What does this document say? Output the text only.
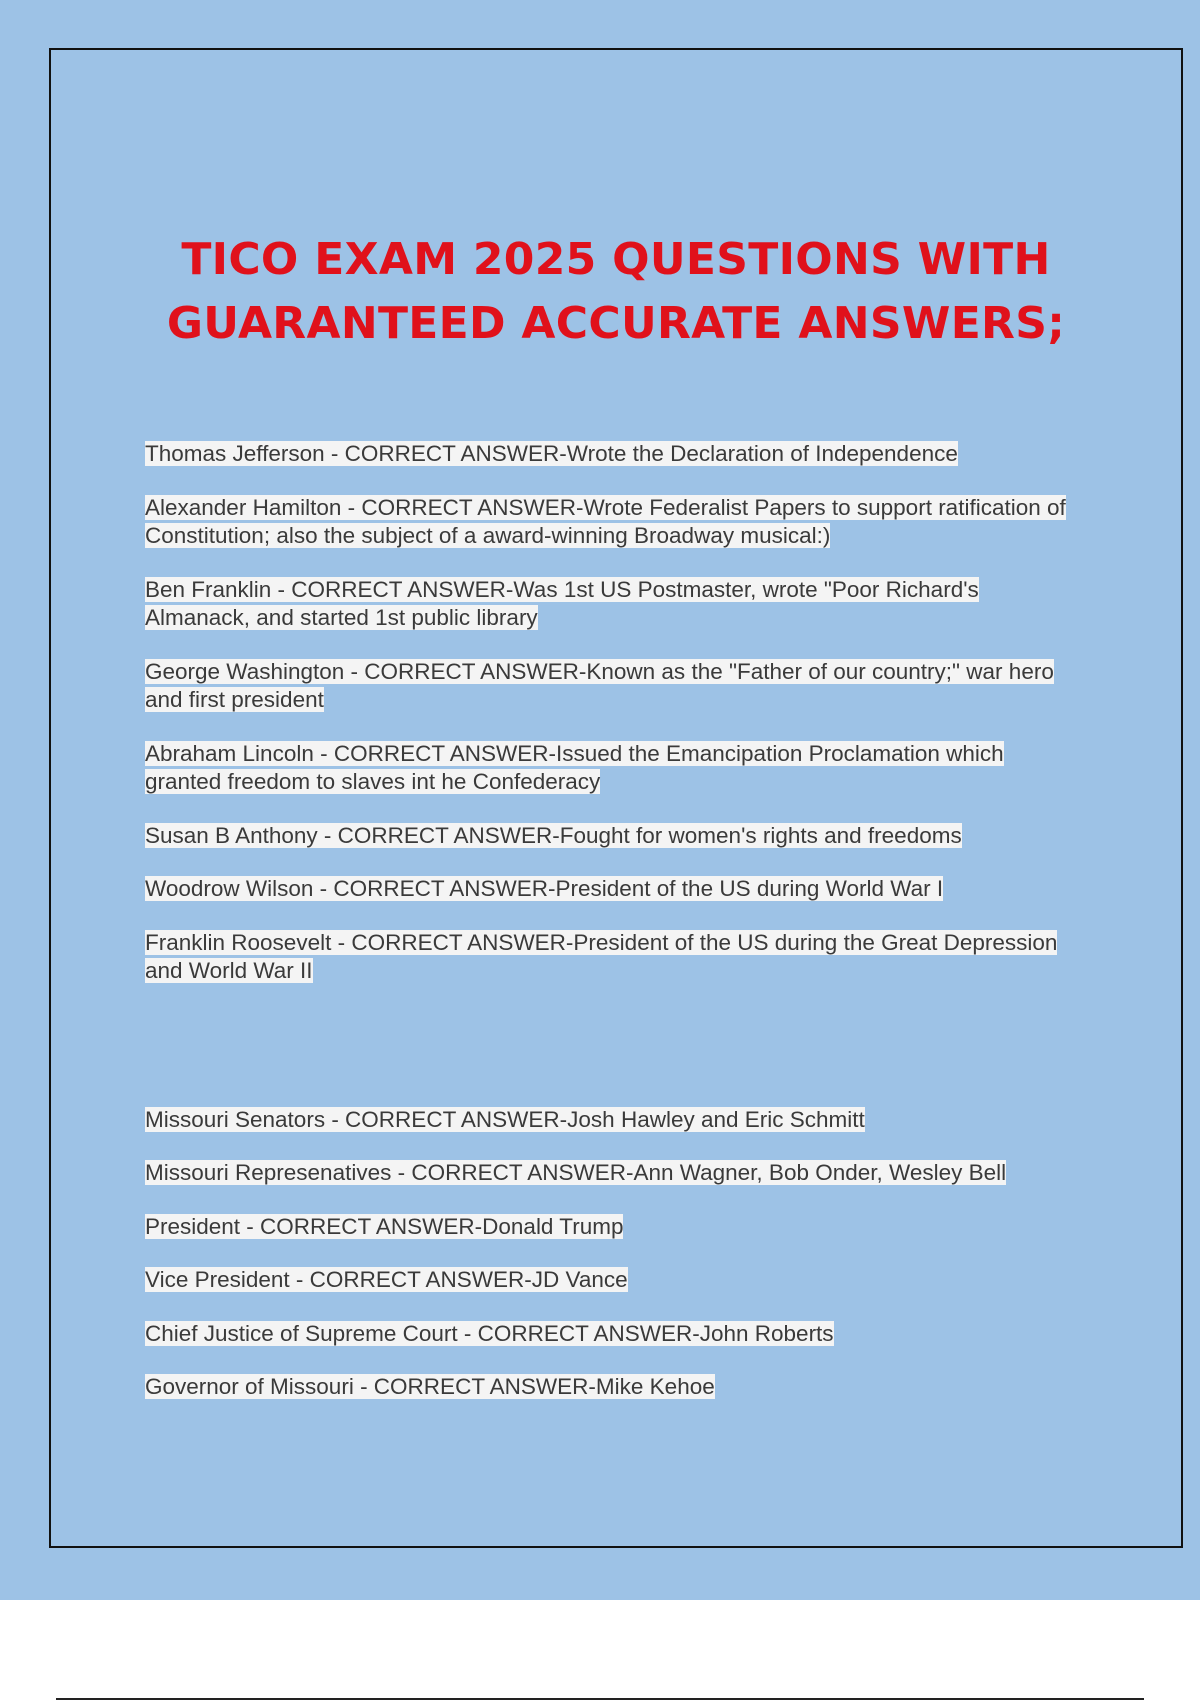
TICO EXAM 2025 QUESTIONS WITH
GUARANTEED ACCURATE ANSWERS;
Thomas Jefferson - CORRECT ANSWER-Wrote the Declaration of Independence
Alexander Hamilton - CORRECT ANSWER-Wrote Federalist Papers to support ratification of Constitution; also the subject of a award-winning Broadway musical:)
Ben Franklin - CORRECT ANSWER-Was 1st US Postmaster, wrote "Poor Richard's Almanack, and started 1st public library
George Washington - CORRECT ANSWER-Known as the "Father of our country;" war hero and first president
Abraham Lincoln - CORRECT ANSWER-Issued the Emancipation Proclamation which granted freedom to slaves int he Confederacy
Susan B Anthony - CORRECT ANSWER-Fought for women's rights and freedoms
Woodrow Wilson - CORRECT ANSWER-President of the US during World War I
Franklin Roosevelt - CORRECT ANSWER-President of the US during the Great Depression and World War II
Missouri Senators - CORRECT ANSWER-Josh Hawley and Eric Schmitt
Missouri Represenatives - CORRECT ANSWER-Ann Wagner, Bob Onder, Wesley Bell
President - CORRECT ANSWER-Donald Trump
Vice President - CORRECT ANSWER-JD Vance
Chief Justice of Supreme Court - CORRECT ANSWER-John Roberts
Governor of Missouri - CORRECT ANSWER-Mike Kehoe
